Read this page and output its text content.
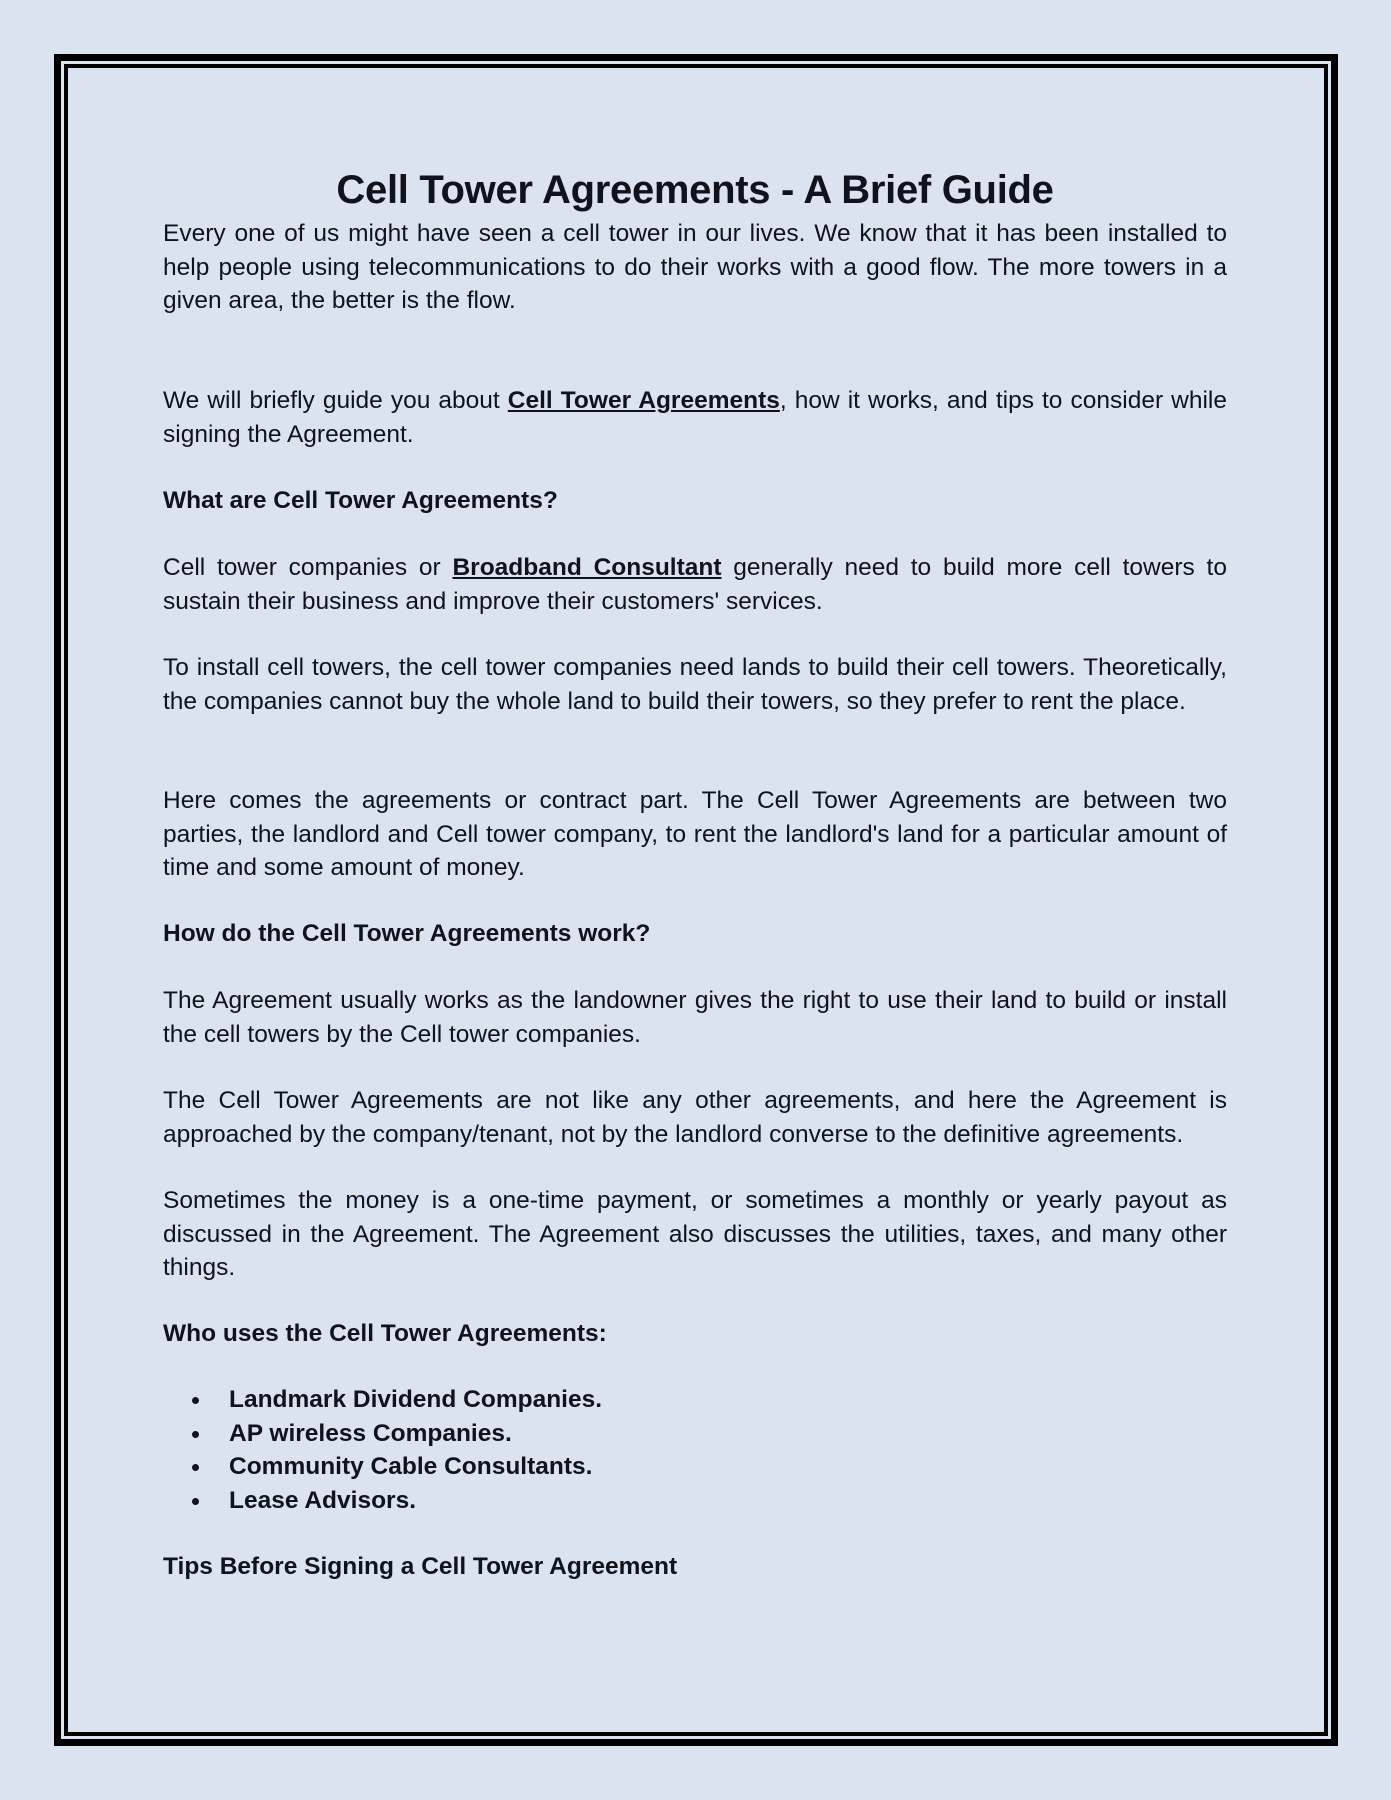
Cell Tower Agreements - A Brief Guide

Every one of us might have seen a cell tower in our lives. We know that it has been installed to help people using telecommunications to do their works with a good flow. The more towers in a given area, the better is the flow.

We will briefly guide you about Cell Tower Agreements, how it works, and tips to consider while signing the Agreement.

What are Cell Tower Agreements?

Cell tower companies or Broadband Consultant generally need to build more cell towers to sustain their business and improve their customers' services.

To install cell towers, the cell tower companies need lands to build their cell towers. Theoretically, the companies cannot buy the whole land to build their towers, so they prefer to rent the place.

Here comes the agreements or contract part. The Cell Tower Agreements are between two parties, the landlord and Cell tower company, to rent the landlord's land for a particular amount of time and some amount of money.

How do the Cell Tower Agreements work?

The Agreement usually works as the landowner gives the right to use their land to build or install the cell towers by the Cell tower companies.

The Cell Tower Agreements are not like any other agreements, and here the Agreement is approached by the company/tenant, not by the landlord converse to the definitive agreements.

Sometimes the money is a one-time payment, or sometimes a monthly or yearly payout as discussed in the Agreement. The Agreement also discusses the utilities, taxes, and many other things.

Who uses the Cell Tower Agreements:

Landmark Dividend Companies.
AP wireless Companies.
Community Cable Consultants.
Lease Advisors.

Tips Before Signing a Cell Tower Agreement
